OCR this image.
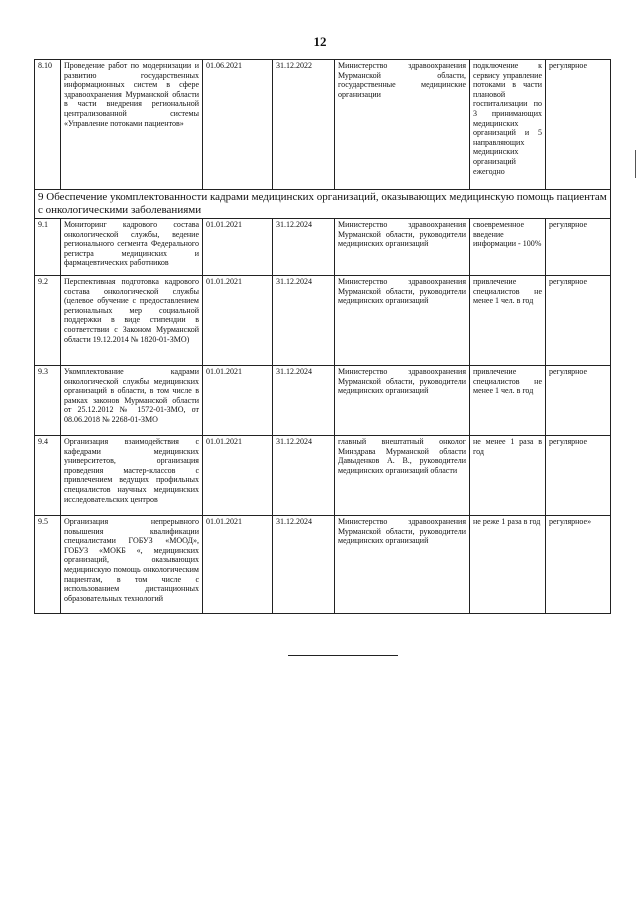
12
8.10	Проведение работ по модернизации и развитию государственных информационных систем в сфере здравоохранения Мурманской области в части внедрения региональной централизованной системы «Управление потоками пациентов»	01.06.2021	31.12.2022	Министерство здравоохранения Мурманской области, государственные медицинские организации	подключение к сервису управление потоками в части плановой госпитализации по 3 принимающих медицинских организаций и 5 направляющих медицинских организаций ежегодно	регулярное
9 Обеспечение укомплектованности кадрами медицинских организаций, оказывающих медицинскую помощь пациентам с онкологическими заболеваниями						
9.1	Мониторинг кадрового состава онкологической службы, ведение регионального сегмента Федерального регистра медицинских и фармацевтических работников	01.01.2021	31.12.2024	Министерство здравоохранения Мурманской области, руководители медицинских организаций	своевременное введение информации - 100%	регулярное
9.2	Перспективная подготовка кадрового состава онкологической службы (целевое обучение с предоставлением региональных мер социальной поддержки в виде стипендии в соответствии с Законом Мурманской области 19.12.2014 № 1820-01-ЗМО)	01.01.2021	31.12.2024	Министерство здравоохранения Мурманской области, руководители медицинских организаций	привлечение специалистов не менее 1 чел. в год	регулярное
9.3	Укомплектование кадрами онкологической службы медицинских организаций в области, в том числе в рамках законов Мурманской области от 25.12.2012 № 1572-01-ЗМО, от 08.06.2018 № 2268-01-ЗМО	01.01.2021	31.12.2024	Министерство здравоохранения Мурманской области, руководители медицинских организаций	привлечение специалистов не менее 1 чел. в год	регулярное
9.4	Организация взаимодействия с кафедрами медицинских университетов, организация проведения мастер-классов с привлечением ведущих профильных специалистов научных медицинских исследовательских центров	01.01.2021	31.12.2024	главный внештатный онколог Минздрава Мурманской области Давыденков А. В., руководители медицинских организаций области	не менее 1 раза в год	регулярное
9.5	Организация непрерывного повышения квалификации специалистами ГОБУЗ «МООД», ГОБУЗ «МОКБ «, медицинских организаций, оказывающих медицинскую помощь онкологическим пациентам, в том числе с использованием дистанционных образовательных технологий	01.01.2021	31.12.2024	Министерство здравоохранения Мурманской области, руководители медицинских организаций	не реже 1 раза в год	регулярное»
